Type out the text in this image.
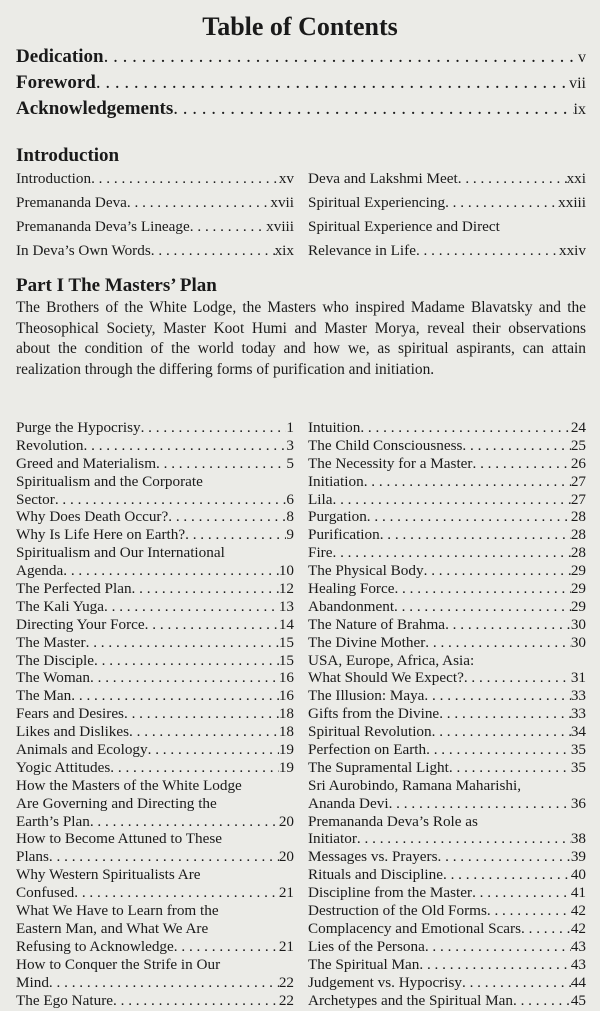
Table of Contents
Dedication . . .	v
Foreword . . .	vii
Acknowledgements . . .	ix
Introduction
Introduction . . .	xv
Premananda Deva . . .	xvii
Premananda Deva’s Lineage . . .	xviii
In Deva’s Own Words . . .	xix
Deva and Lakshmi Meet . . .	xxi
Spiritual Experiencing . . .	xxiii
Spiritual Experience and Direct
Relevance in Life . . .	xxiv
Part I The Masters’ Plan
The Brothers of the White Lodge, the Masters who inspired Madame Blavatsky and the Theosophical Society, Master Koot Humi and Master Morya, reveal their observations about the condition of the world today and how we, as spiritual aspirants, can attain realization through the differing forms of purification and initiation.
Purge the Hypocrisy . . .	1
Revolution . . .	3
Greed and Materialism . . .	5
Spiritualism and the Corporate
Sector . . .	6
Why Does Death Occur? . . .	8
Why Is Life Here on Earth? . . .	9
Spiritualism and Our International
Agenda . . .	10
The Perfected Plan . . .	12
The Kali Yuga . . .	13
Directing Your Force . . .	14
The Master . . .	15
The Disciple . . .	15
The Woman . . .	16
The Man . . .	16
Fears and Desires . . .	18
Likes and Dislikes . . .	18
Animals and Ecology . . .	19
Yogic Attitudes . . .	19
How the Masters of the White Lodge
Are Governing and Directing the
Earth’s Plan . . .	20
How to Become Attuned to These
Plans . . .	20
Why Western Spiritualists Are
Confused . . .	21
What We Have to Learn from the
Eastern Man, and What We Are
Refusing to Acknowledge . . .	21
How to Conquer the Strife in Our
Mind . . .	22
The Ego Nature . . .	22
Intuition . . .	24
The Child Consciousness . . .	25
The Necessity for a Master . . .	26
Initiation . . .	27
Lila . . .	27
Purgation . . .	28
Purification . . .	28
Fire . . .	28
The Physical Body . . .	29
Healing Force . . .	29
Abandonment . . .	29
The Nature of Brahma . . .	30
The Divine Mother . . .	30
USA, Europe, Africa, Asia:
What Should We Expect? . . .	31
The Illusion: Maya . . .	33
Gifts from the Divine . . .	33
Spiritual Revolution . . .	34
Perfection on Earth . . .	35
The Supramental Light . . .	35
Sri Aurobindo, Ramana Maharishi,
Ananda Devi . . .	36
Premananda Deva’s Role as
Initiator . . .	38
Messages vs. Prayers . . .	39
Rituals and Discipline . . .	40
Discipline from the Master . . .	41
Destruction of the Old Forms . . .	42
Complacency and Emotional Scars . . .	42
Lies of the Persona . . .	43
The Spiritual Man . . .	43
Judgement vs. Hypocrisy . . .	44
Archetypes and the Spiritual Man . . .	45
